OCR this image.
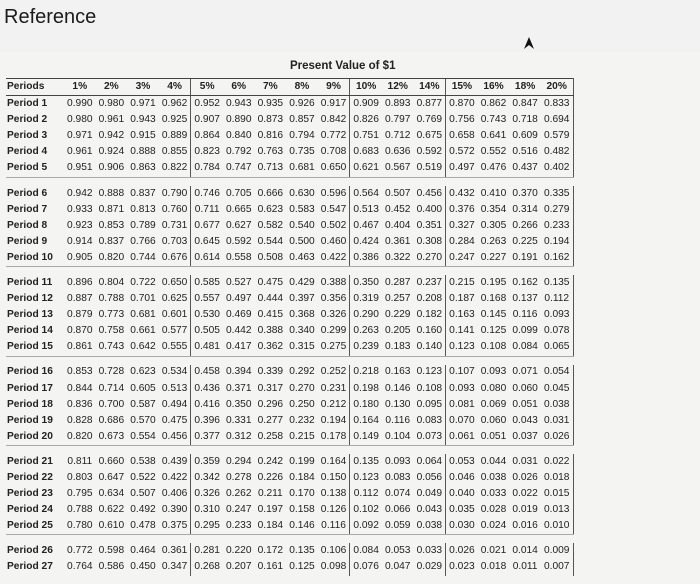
Reference
Present Value of $1
Periods	1%	2%	3%	4%	5%	6%	7%	8%	9%	10%	12%	14%	15%	16%	18%	20%
Period 1	0.990	0.980	0.971	0.962	0.952	0.943	0.935	0.926	0.917	0.909	0.893	0.877	0.870	0.862	0.847	0.833
Period 2	0.980	0.961	0.943	0.925	0.907	0.890	0.873	0.857	0.842	0.826	0.797	0.769	0.756	0.743	0.718	0.694
Period 3	0.971	0.942	0.915	0.889	0.864	0.840	0.816	0.794	0.772	0.751	0.712	0.675	0.658	0.641	0.609	0.579
Period 4	0.961	0.924	0.888	0.855	0.823	0.792	0.763	0.735	0.708	0.683	0.636	0.592	0.572	0.552	0.516	0.482
Period 5	0.951	0.906	0.863	0.822	0.784	0.747	0.713	0.681	0.650	0.621	0.567	0.519	0.497	0.476	0.437	0.402

Period 6	0.942	0.888	0.837	0.790	0.746	0.705	0.666	0.630	0.596	0.564	0.507	0.456	0.432	0.410	0.370	0.335
Period 7	0.933	0.871	0.813	0.760	0.711	0.665	0.623	0.583	0.547	0.513	0.452	0.400	0.376	0.354	0.314	0.279
Period 8	0.923	0.853	0.789	0.731	0.677	0.627	0.582	0.540	0.502	0.467	0.404	0.351	0.327	0.305	0.266	0.233
Period 9	0.914	0.837	0.766	0.703	0.645	0.592	0.544	0.500	0.460	0.424	0.361	0.308	0.284	0.263	0.225	0.194
Period 10	0.905	0.820	0.744	0.676	0.614	0.558	0.508	0.463	0.422	0.386	0.322	0.270	0.247	0.227	0.191	0.162

Period 11	0.896	0.804	0.722	0.650	0.585	0.527	0.475	0.429	0.388	0.350	0.287	0.237	0.215	0.195	0.162	0.135
Period 12	0.887	0.788	0.701	0.625	0.557	0.497	0.444	0.397	0.356	0.319	0.257	0.208	0.187	0.168	0.137	0.112
Period 13	0.879	0.773	0.681	0.601	0.530	0.469	0.415	0.368	0.326	0.290	0.229	0.182	0.163	0.145	0.116	0.093
Period 14	0.870	0.758	0.661	0.577	0.505	0.442	0.388	0.340	0.299	0.263	0.205	0.160	0.141	0.125	0.099	0.078
Period 15	0.861	0.743	0.642	0.555	0.481	0.417	0.362	0.315	0.275	0.239	0.183	0.140	0.123	0.108	0.084	0.065

Period 16	0.853	0.728	0.623	0.534	0.458	0.394	0.339	0.292	0.252	0.218	0.163	0.123	0.107	0.093	0.071	0.054
Period 17	0.844	0.714	0.605	0.513	0.436	0.371	0.317	0.270	0.231	0.198	0.146	0.108	0.093	0.080	0.060	0.045
Period 18	0.836	0.700	0.587	0.494	0.416	0.350	0.296	0.250	0.212	0.180	0.130	0.095	0.081	0.069	0.051	0.038
Period 19	0.828	0.686	0.570	0.475	0.396	0.331	0.277	0.232	0.194	0.164	0.116	0.083	0.070	0.060	0.043	0.031
Period 20	0.820	0.673	0.554	0.456	0.377	0.312	0.258	0.215	0.178	0.149	0.104	0.073	0.061	0.051	0.037	0.026

Period 21	0.811	0.660	0.538	0.439	0.359	0.294	0.242	0.199	0.164	0.135	0.093	0.064	0.053	0.044	0.031	0.022
Period 22	0.803	0.647	0.522	0.422	0.342	0.278	0.226	0.184	0.150	0.123	0.083	0.056	0.046	0.038	0.026	0.018
Period 23	0.795	0.634	0.507	0.406	0.326	0.262	0.211	0.170	0.138	0.112	0.074	0.049	0.040	0.033	0.022	0.015
Period 24	0.788	0.622	0.492	0.390	0.310	0.247	0.197	0.158	0.126	0.102	0.066	0.043	0.035	0.028	0.019	0.013
Period 25	0.780	0.610	0.478	0.375	0.295	0.233	0.184	0.146	0.116	0.092	0.059	0.038	0.030	0.024	0.016	0.010

Period 26	0.772	0.598	0.464	0.361	0.281	0.220	0.172	0.135	0.106	0.084	0.053	0.033	0.026	0.021	0.014	0.009
Period 27	0.764	0.586	0.450	0.347	0.268	0.207	0.161	0.125	0.098	0.076	0.047	0.029	0.023	0.018	0.011	0.007
